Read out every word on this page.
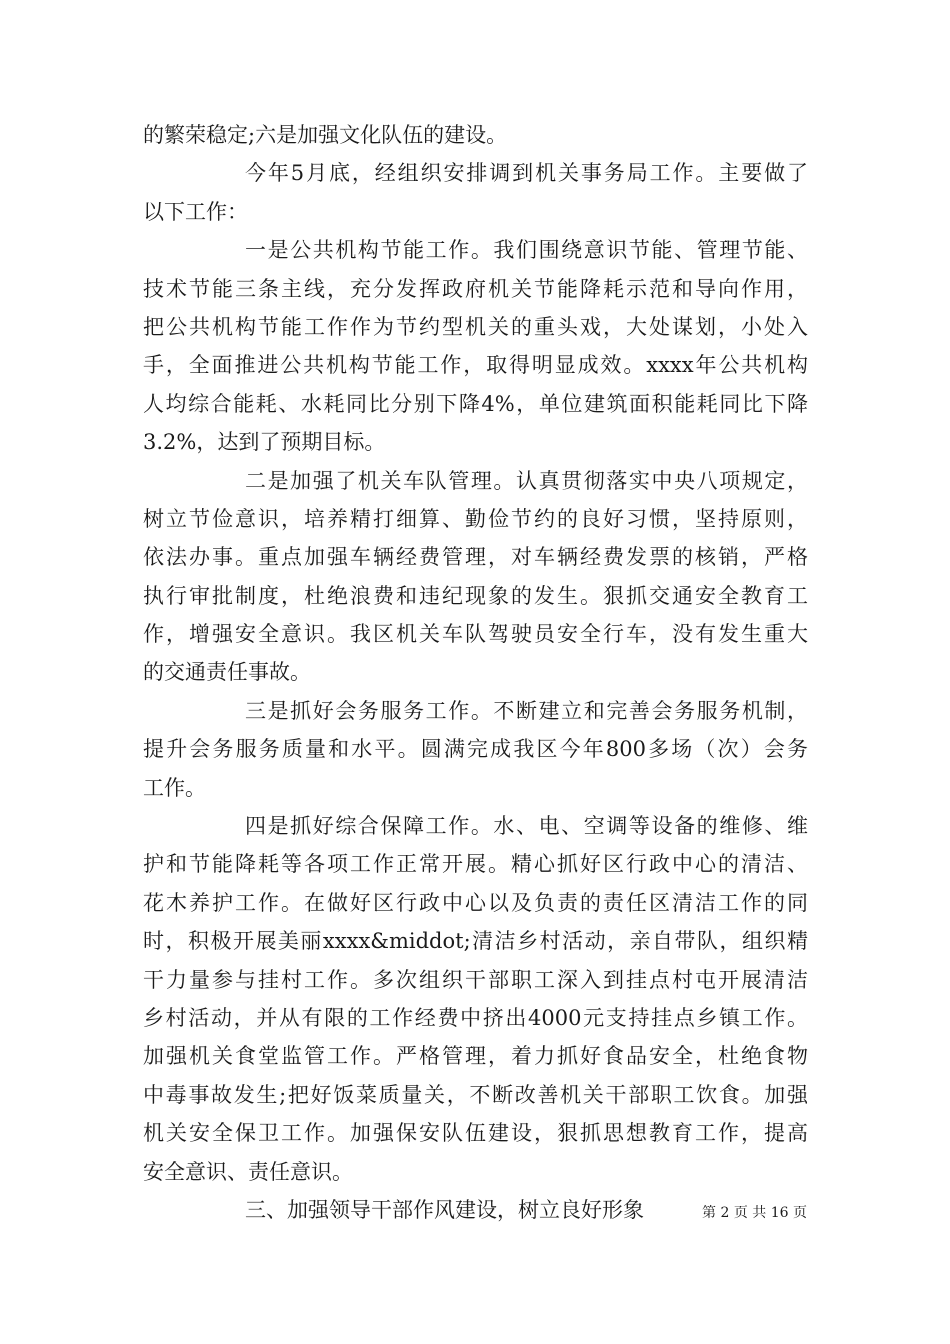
的繁荣稳定;六是加强文化队伍的建设。
今年5月底，经组织安排调到机关事务局工作。主要做了
以下工作：
一是公共机构节能工作。我们围绕意识节能、管理节能、
技术节能三条主线，充分发挥政府机关节能降耗示范和导向作用，
把公共机构节能工作作为节约型机关的重头戏，大处谋划，小处入
手，全面推进公共机构节能工作，取得明显成效。xxxx年公共机构
人均综合能耗、水耗同比分别下降4%，单位建筑面积能耗同比下降
3.2%，达到了预期目标。
二是加强了机关车队管理。认真贯彻落实中央八项规定，
树立节俭意识，培养精打细算、勤俭节约的良好习惯，坚持原则，
依法办事。重点加强车辆经费管理，对车辆经费发票的核销，严格
执行审批制度，杜绝浪费和违纪现象的发生。狠抓交通安全教育工
作，增强安全意识。我区机关车队驾驶员安全行车，没有发生重大
的交通责任事故。
三是抓好会务服务工作。不断建立和完善会务服务机制，
提升会务服务质量和水平。圆满完成我区今年800多场（次）会务
工作。
四是抓好综合保障工作。水、电、空调等设备的维修、维
护和节能降耗等各项工作正常开展。精心抓好区行政中心的清洁、
花木养护工作。在做好区行政中心以及负责的责任区清洁工作的同
时，积极开展美丽xxxx&middot;清洁乡村活动，亲自带队，组织精
干力量参与挂村工作。多次组织干部职工深入到挂点村屯开展清洁
乡村活动，并从有限的工作经费中挤出4000元支持挂点乡镇工作。
加强机关食堂监管工作。严格管理，着力抓好食品安全，杜绝食物
中毒事故发生;把好饭菜质量关，不断改善机关干部职工饮食。加强
机关安全保卫工作。加强保安队伍建设，狠抓思想教育工作，提高
安全意识、责任意识。
三、加强领导干部作风建设，树立良好形象	第 2 页 共 16 页
